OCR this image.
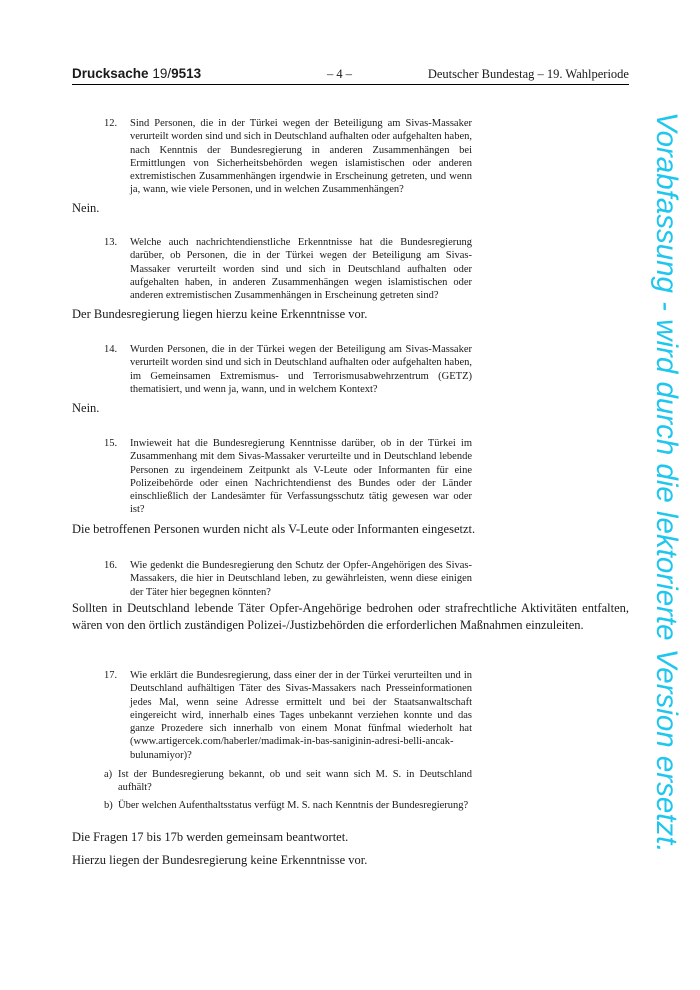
Drucksache 19/9513	– 4 –	Deutscher Bundestag – 19. Wahlperiode
Vorabfassung - wird durch die lektorierte Version ersetzt.
12. Sind Personen, die in der Türkei wegen der Beteiligung am Sivas-Massaker verurteilt worden sind und sich in Deutschland aufhalten oder aufgehalten haben, nach Kenntnis der Bundesregierung in anderen Zusammenhängen bei Ermittlungen von Sicherheitsbehörden wegen islamistischen oder anderen extremistischen Zusammenhängen irgendwie in Erscheinung getreten, und wenn ja, wann, wie viele Personen, und in welchen Zusammenhängen?
Nein.
13. Welche auch nachrichtendienstliche Erkenntnisse hat die Bundesregierung darüber, ob Personen, die in der Türkei wegen der Beteiligung am Sivas-Massaker verurteilt worden sind und sich in Deutschland aufhalten oder aufgehalten haben, in anderen Zusammenhängen wegen islamistischen oder anderen extremistischen Zusammenhängen in Erscheinung getreten sind?
Der Bundesregierung liegen hierzu keine Erkenntnisse vor.
14. Wurden Personen, die in der Türkei wegen der Beteiligung am Sivas-Massaker verurteilt worden sind und sich in Deutschland aufhalten oder aufgehalten haben, im Gemeinsamen Extremismus- und Terrorismusabwehrzentrum (GETZ) thematisiert, und wenn ja, wann, und in welchem Kontext?
Nein.
15. Inwieweit hat die Bundesregierung Kenntnisse darüber, ob in der Türkei im Zusammenhang mit dem Sivas-Massaker verurteilte und in Deutschland lebende Personen zu irgendeinem Zeitpunkt als V-Leute oder Informanten für eine Polizeibehörde oder einen Nachrichtendienst des Bundes oder der Länder einschließlich der Landesämter für Verfassungsschutz tätig gewesen war oder ist?
Die betroffenen Personen wurden nicht als V-Leute oder Informanten eingesetzt.
16. Wie gedenkt die Bundesregierung den Schutz der Opfer-Angehörigen des Sivas-Massakers, die hier in Deutschland leben, zu gewährleisten, wenn diese einigen der Täter hier begegnen könnten?
Sollten in Deutschland lebende Täter Opfer-Angehörige bedrohen oder strafrechtliche Aktivitäten entfalten, wären von den örtlich zuständigen Polizei-/Justizbehörden die erforderlichen Maßnahmen einzuleiten.
17. Wie erklärt die Bundesregierung, dass einer der in der Türkei verurteilten und in Deutschland aufhältigen Täter des Sivas-Massakers nach Presseinformationen jedes Mal, wenn seine Adresse ermittelt und bei der Staatsanwaltschaft eingereicht wird, innerhalb eines Tages unbekannt verziehen konnte und das ganze Prozedere sich innerhalb von einem Monat fünfmal wiederholt hat (www.artigercek.com/haberler/madimak-in-bas-saniginin-adresi-belli-ancak-bulunamiyor)?
a) Ist der Bundesregierung bekannt, ob und seit wann sich M. S. in Deutschland aufhält?
b) Über welchen Aufenthaltsstatus verfügt M. S. nach Kenntnis der Bundesregierung?
Die Fragen 17 bis 17b werden gemeinsam beantwortet.
Hierzu liegen der Bundesregierung keine Erkenntnisse vor.
